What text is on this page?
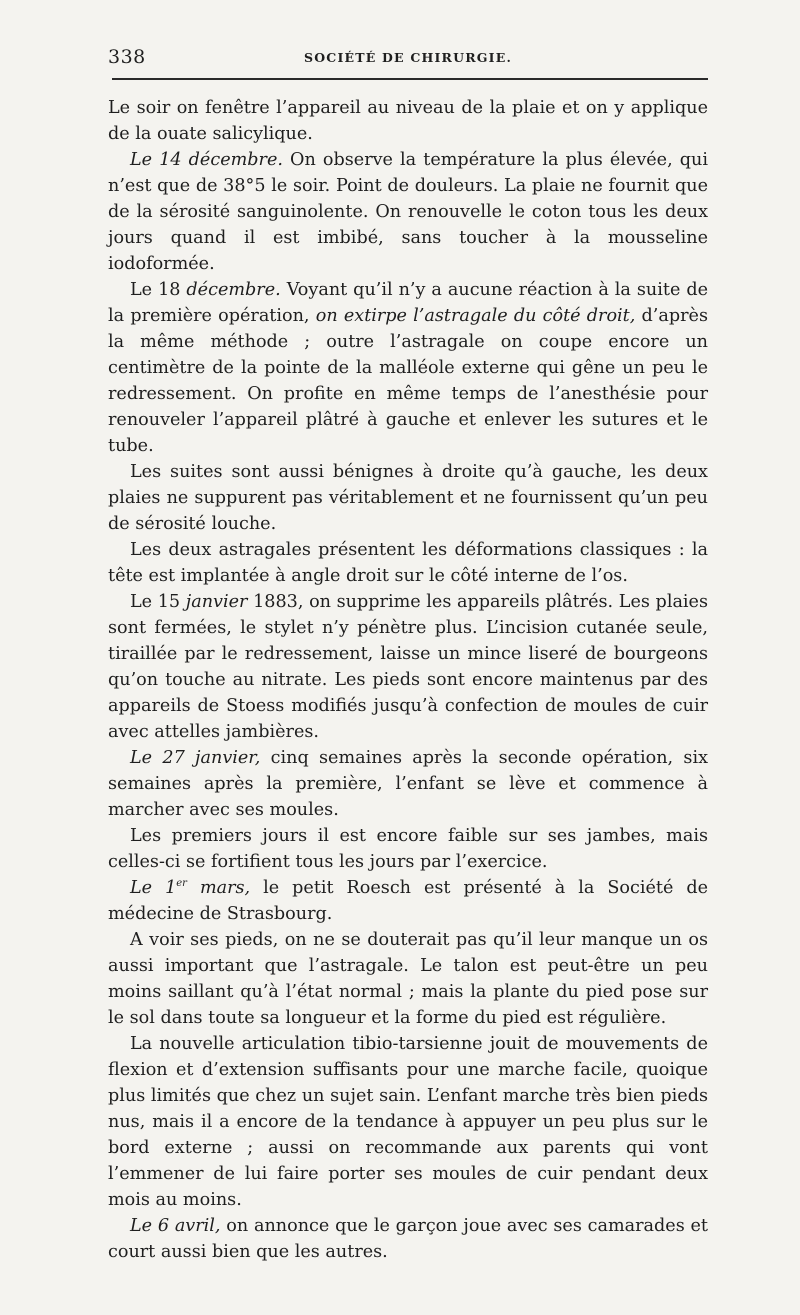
338	SOCIÉTÉ DE CHIRURGIE.

Le soir on fenêtre l’appareil au niveau de la plaie et on y applique de la ouate salicylique.

Le 14 décembre. On observe la température la plus élevée, qui n’est que de 38°5 le soir. Point de douleurs. La plaie ne fournit que de la sérosité sanguinolente. On renouvelle le coton tous les deux jours quand il est imbibé, sans toucher à la mousseline iodoformée.

Le 18 décembre. Voyant qu’il n’y a aucune réaction à la suite de la première opération, on extirpe l’astragale du côté droit, d’après la même méthode ; outre l’astragale on coupe encore un centimètre de la pointe de la malléole externe qui gêne un peu le redressement. On profite en même temps de l’anesthésie pour renouveler l’appareil plâtré à gauche et enlever les sutures et le tube.

Les suites sont aussi bénignes à droite qu’à gauche, les deux plaies ne suppurent pas véritablement et ne fournissent qu’un peu de sérosité louche.

Les deux astragales présentent les déformations classiques : la tête est implantée à angle droit sur le côté interne de l’os.

Le 15 janvier 1883, on supprime les appareils plâtrés. Les plaies sont fermées, le stylet n’y pénètre plus. L’incision cutanée seule, tiraillée par le redressement, laisse un mince liseré de bourgeons qu’on touche au nitrate. Les pieds sont encore maintenus par des appareils de Stoess modifiés jusqu’à confection de moules de cuir avec attelles jambières.

Le 27 janvier, cinq semaines après la seconde opération, six semaines après la première, l’enfant se lève et commence à marcher avec ses moules.

Les premiers jours il est encore faible sur ses jambes, mais celles-ci se fortifient tous les jours par l’exercice.

Le 1er mars, le petit Roesch est présenté à la Société de médecine de Strasbourg.

A voir ses pieds, on ne se douterait pas qu’il leur manque un os aussi important que l’astragale. Le talon est peut-être un peu moins saillant qu’à l’état normal ; mais la plante du pied pose sur le sol dans toute sa longueur et la forme du pied est régulière.

La nouvelle articulation tibio-tarsienne jouit de mouvements de flexion et d’extension suffisants pour une marche facile, quoique plus limités que chez un sujet sain. L’enfant marche très bien pieds nus, mais il a encore de la tendance à appuyer un peu plus sur le bord externe ; aussi on recommande aux parents qui vont l’emmener de lui faire porter ses moules de cuir pendant deux mois au moins.

Le 6 avril, on annonce que le garçon joue avec ses camarades et court aussi bien que les autres.
